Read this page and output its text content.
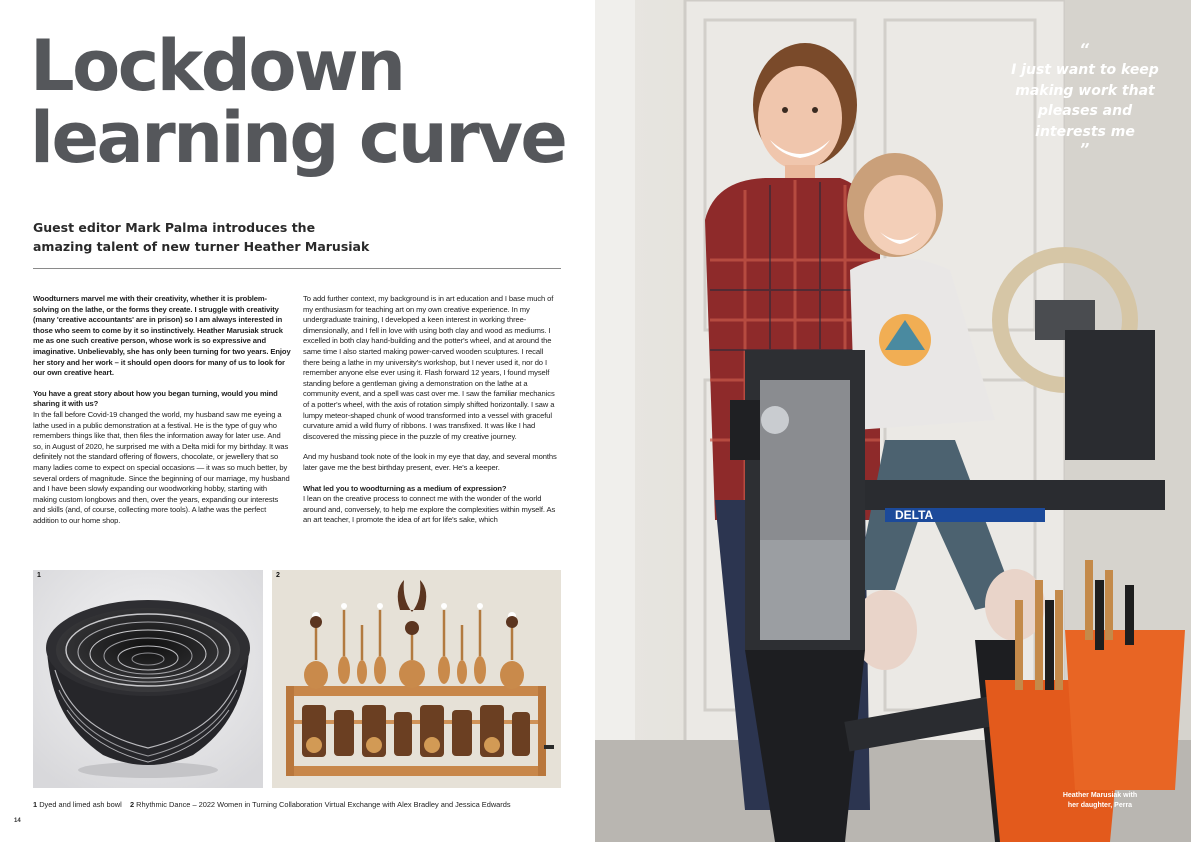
Lockdown
learning curve
Guest editor Mark Palma introduces the
amazing talent of new turner Heather Marusiak

Woodturners marvel me with their creativity, whether it is problem-solving on the lathe, or the forms they create. I struggle with creativity (many 'creative accountants' are in prison) so I am always interested in those who seem to come by it so instinctively. Heather Marusiak struck me as one such creative person, whose work is so expressive and imaginative. Unbelievably, she has only been turning for two years. Enjoy her story and her work – it should open doors for many of us to look for our own creative heart.

You have a great story about how you began turning, would you mind sharing it with us?

In the fall before Covid-19 changed the world, my husband saw me eyeing a lathe used in a public demonstration at a festival. He is the type of guy who remembers things like that, then files the information away for later use. And so, in August of 2020, he surprised me with a Delta midi for my birthday. It was definitely not the standard offering of flowers, chocolate, or jewellery that so many ladies come to expect on special occasions — it was so much better, by several orders of magnitude. Since the beginning of our marriage, my husband and I have been slowly expanding our woodworking hobby, starting with making custom longbows and then, over the years, expanding our interests and skills (and, of course, collecting more tools). A lathe was the perfect addition to our home shop.

To add further context, my background is in art education and I base much of my enthusiasm for teaching art on my own creative experience. In my undergraduate training, I developed a keen interest in working three-dimensionally, and I fell in love with using both clay and wood as mediums. I excelled in both clay hand-building and the potter's wheel, and at around the same time I also started making power-carved wooden sculptures. I recall there being a lathe in my university's workshop, but I never used it, nor do I remember anyone else ever using it. Flash forward 12 years, I found myself standing before a gentleman giving a demonstration on the lathe at a community event, and a spell was cast over me. I saw the familiar mechanics of a potter's wheel, with the axis of rotation simply shifted horizontally. I saw a lumpy meteor-shaped chunk of wood transformed into a vessel with graceful curvature amid a wild flurry of ribbons. I was transfixed. It was like I had discovered the missing piece in the puzzle of my creative journey.

And my husband took note of the look in my eye that day, and several months later gave me the best birthday present, ever. He's a keeper.

What led you to woodturning as a medium of expression?

I lean on the creative process to connect me with the wonder of the world around and, conversely, to help me explore the complexities within myself. As an art teacher, I promote the idea of art for life's sake, which

1	2
1 Dyed and limed ash bowl 2 Rhythmic Dance – 2022 Women in Turning Collaboration Virtual Exchange with Alex Bradley and Jessica Edwards
14
DELTA
“
I just want to keep making work that pleases and interests me
”
Heather Marusiak with
her daughter, Perra
